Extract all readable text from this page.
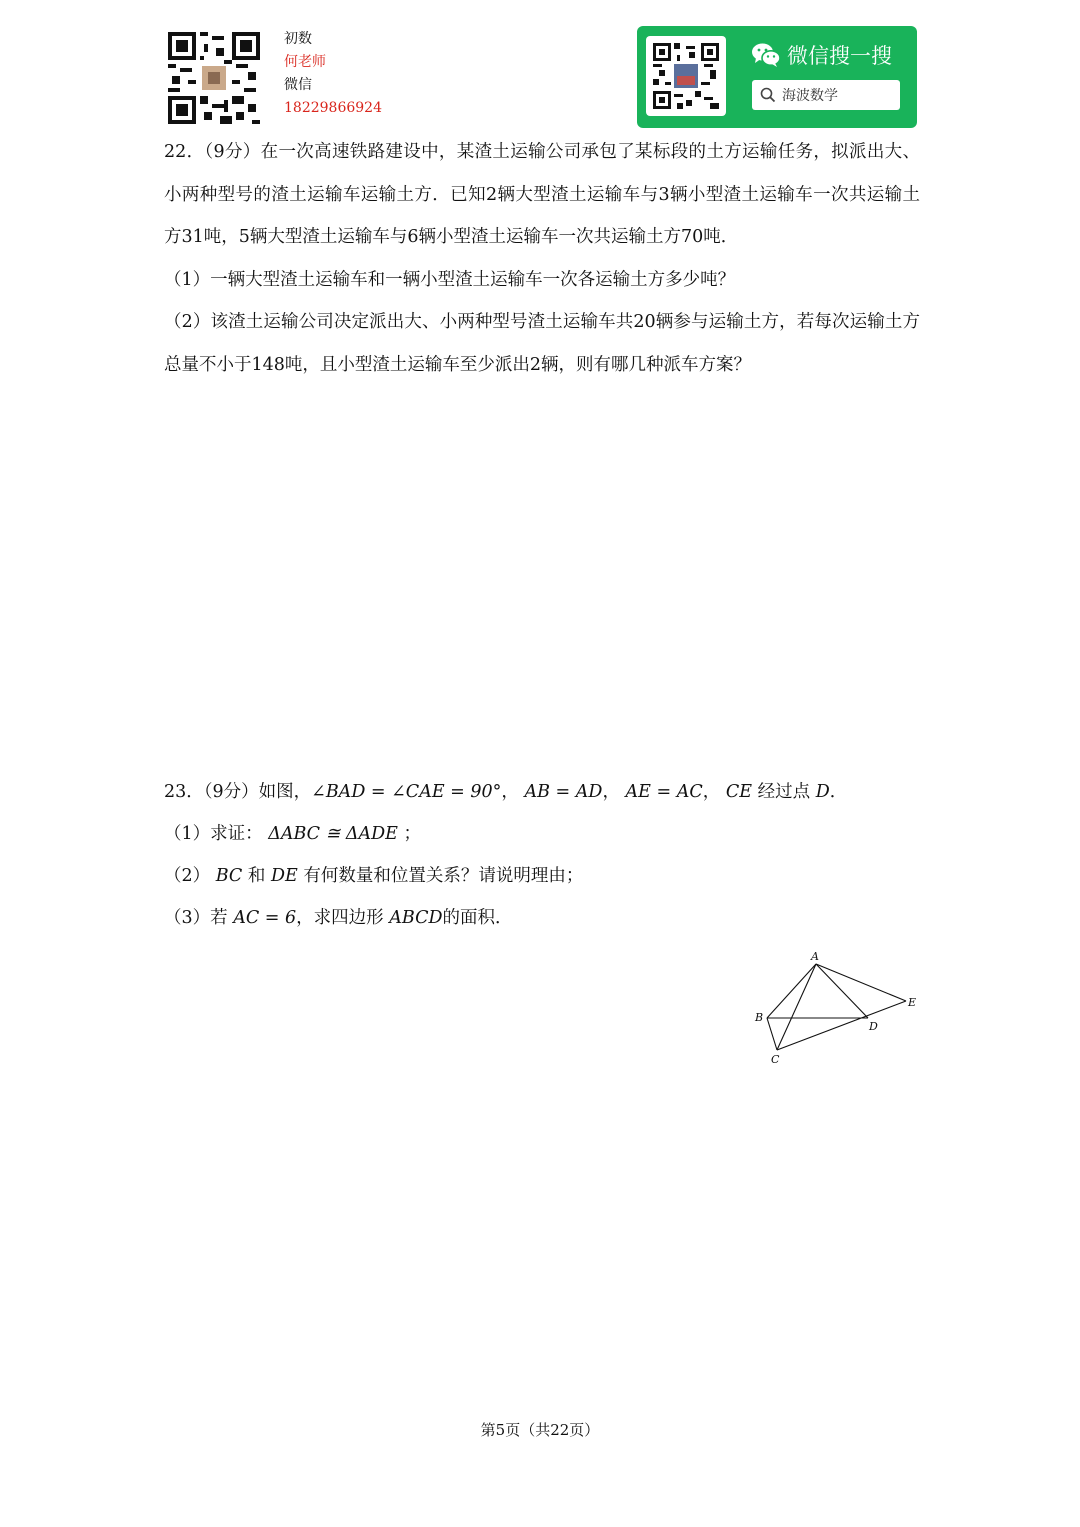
初数
何老师
微信
18229866924
微信搜一搜
海波数学
22．（9分）在一次高速铁路建设中，某渣土运输公司承包了某标段的土方运输任务，拟派出大、小两种型号的渣土运输车运输土方．已知2辆大型渣土运输车与3辆小型渣土运输车一次共运输土方31吨，5辆大型渣土运输车与6辆小型渣土运输车一次共运输土方70吨．
（1）一辆大型渣土运输车和一辆小型渣土运输车一次各运输土方多少吨？
（2）该渣土运输公司决定派出大、小两种型号渣土运输车共20辆参与运输土方，若每次运输土方总量不小于148吨，且小型渣土运输车至少派出2辆，则有哪几种派车方案？
23．（9分）如图，∠BAD = ∠CAE = 90°， AB = AD， AE = AC， CE 经过点 D．
（1）求证： ΔABC ≅ ΔADE ；
（2） BC 和 DE 有何数量和位置关系？请说明理由；
（3）若 AC = 6，求四边形 ABCD的面积．
A
B
C
D
E
第5页（共22页）
